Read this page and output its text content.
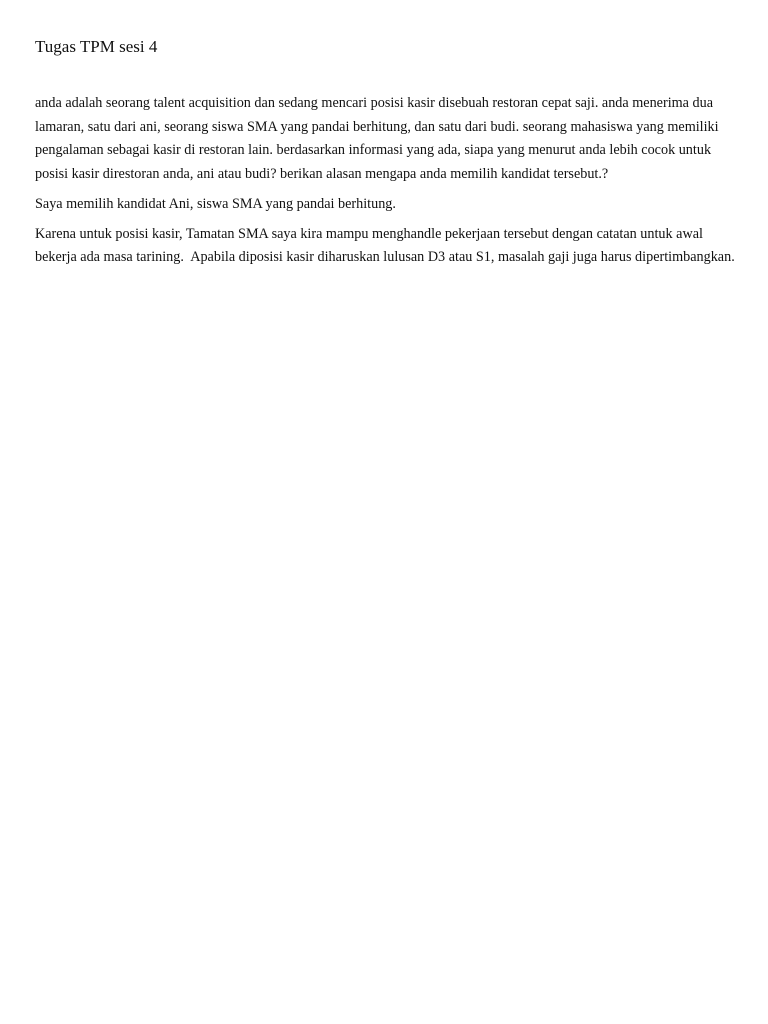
Tugas TPM sesi 4

anda adalah seorang talent acquisition dan sedang mencari posisi kasir disebuah restoran cepat saji. anda menerima dua lamaran, satu dari ani, seorang siswa SMA yang pandai berhitung, dan satu dari budi. seorang mahasiswa yang memiliki pengalaman sebagai kasir di restoran lain. berdasarkan informasi yang ada, siapa yang menurut anda lebih cocok untuk posisi kasir direstoran anda, ani atau budi? berikan alasan mengapa anda memilih kandidat tersebut.?

Saya memilih kandidat Ani, siswa SMA yang pandai berhitung.

Karena untuk posisi kasir, Tamatan SMA saya kira mampu menghandle pekerjaan tersebut dengan catatan untuk awal bekerja ada masa tarining.  Apabila diposisi kasir diharuskan lulusan D3 atau S1, masalah gaji juga harus dipertimbangkan.
